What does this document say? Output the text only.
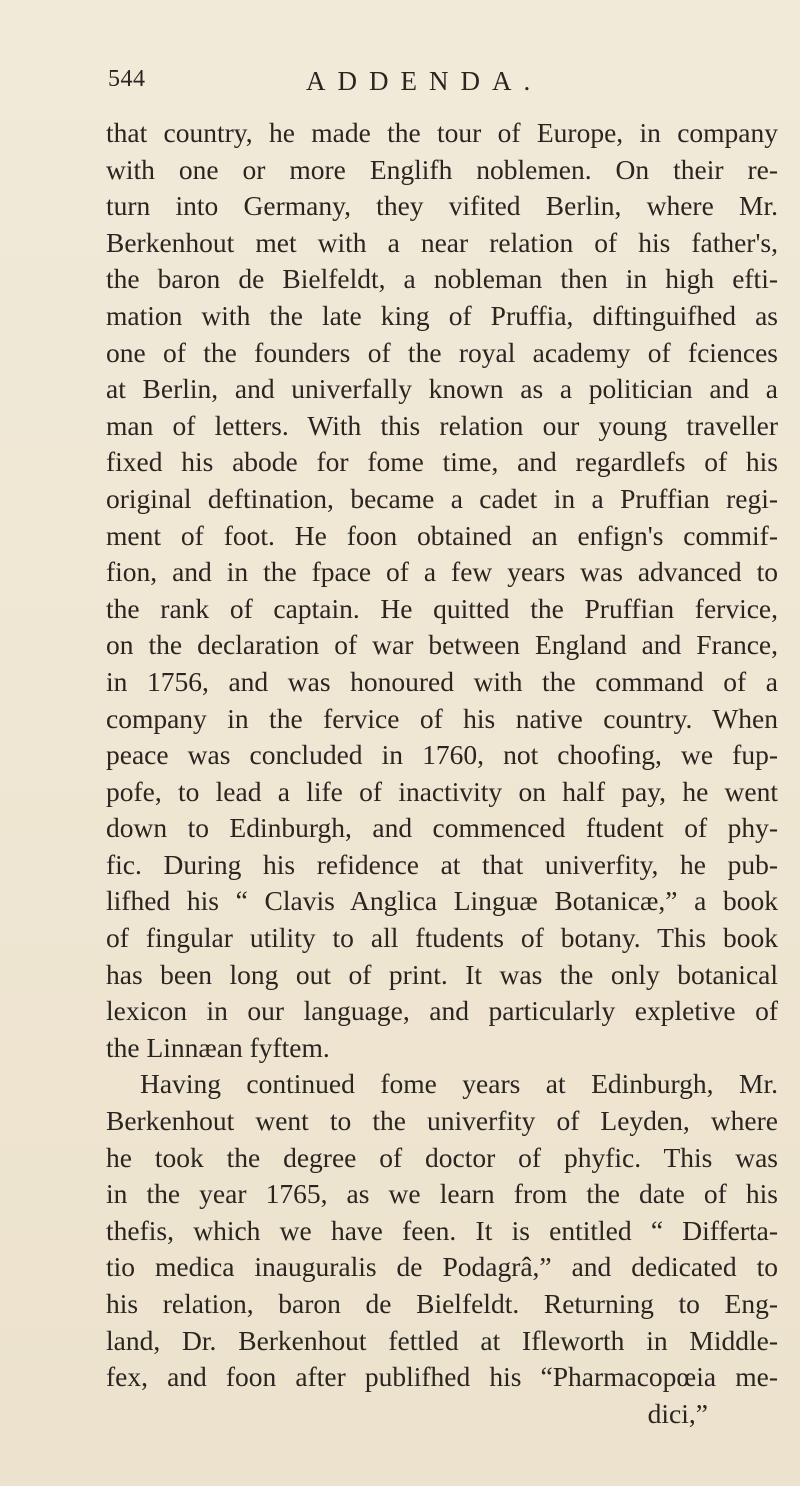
544	ADDENDA.
that country, he made the tour of Europe, in company
with one or more Englifh noblemen. On their re-
turn into Germany, they vifited Berlin, where Mr.
Berkenhout met with a near relation of his father's,
the baron de Bielfeldt, a nobleman then in high efti-
mation with the late king of Pruffia, diftinguifhed as
one of the founders of the royal academy of fciences
at Berlin, and univerfally known as a politician and a
man of letters. With this relation our young traveller
fixed his abode for fome time, and regardlefs of his
original deftination, became a cadet in a Pruffian regi-
ment of foot. He foon obtained an enfign's commif-
fion, and in the fpace of a few years was advanced to
the rank of captain. He quitted the Pruffian fervice,
on the declaration of war between England and France,
in 1756, and was honoured with the command of a
company in the fervice of his native country. When
peace was concluded in 1760, not choofing, we fup-
pofe, to lead a life of inactivity on half pay, he went
down to Edinburgh, and commenced ftudent of phy-
fic. During his refidence at that univerfity, he pub-
lifhed his “ Clavis Anglica Linguæ Botanicæ,” a book
of fingular utility to all ftudents of botany. This book
has been long out of print. It was the only botanical
lexicon in our language, and particularly expletive of
the Linnæan fyftem.
Having continued fome years at Edinburgh, Mr.
Berkenhout went to the univerfity of Leyden, where
he took the degree of doctor of phyfic. This was
in the year 1765, as we learn from the date of his
thefis, which we have feen. It is entitled “ Differta-
tio medica inauguralis de Podagrâ,” and dedicated to
his relation, baron de Bielfeldt. Returning to Eng-
land, Dr. Berkenhout fettled at Ifleworth in Middle-
fex, and foon after publifhed his “Pharmacopœia me-
dici,”
